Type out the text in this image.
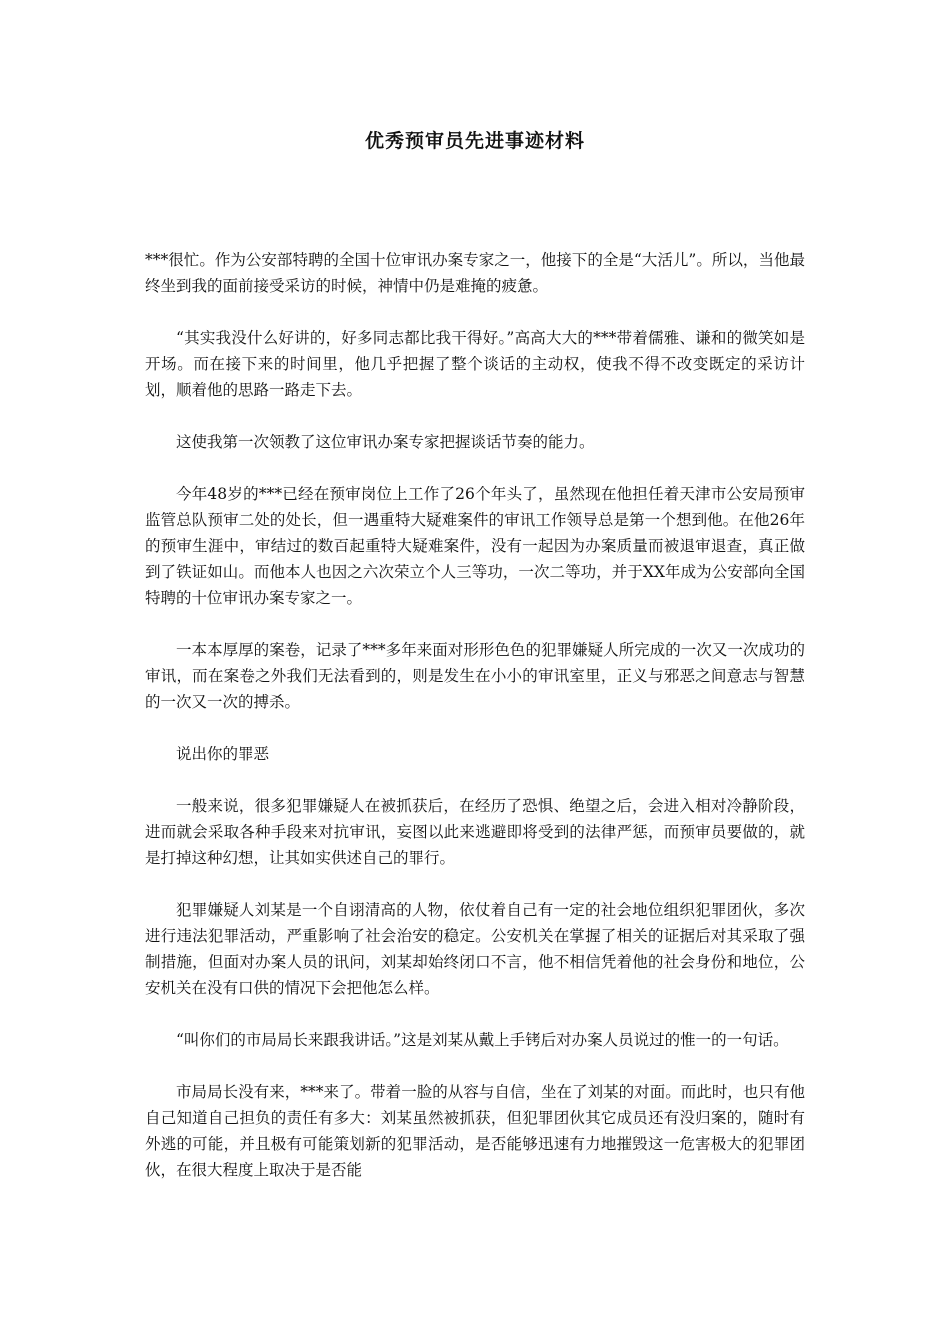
优秀预审员先进事迹材料

***很忙。作为公安部特聘的全国十位审讯办案专家之一，他接下的全是“大活儿”。所以，当他最终坐到我的面前接受采访的时候，神情中仍是难掩的疲惫。

“其实我没什么好讲的，好多同志都比我干得好。”高高大大的***带着儒雅、谦和的微笑如是开场。而在接下来的时间里，他几乎把握了整个谈话的主动权，使我不得不改变既定的采访计划，顺着他的思路一路走下去。

这使我第一次领教了这位审讯办案专家把握谈话节奏的能力。

今年48岁的***已经在预审岗位上工作了26个年头了，虽然现在他担任着天津市公安局预审监管总队预审二处的处长，但一遇重特大疑难案件的审讯工作领导总是第一个想到他。在他26年的预审生涯中，审结过的数百起重特大疑难案件，没有一起因为办案质量而被退审退查，真正做到了铁证如山。而他本人也因之六次荣立个人三等功，一次二等功，并于XX年成为公安部向全国特聘的十位审讯办案专家之一。

一本本厚厚的案卷，记录了***多年来面对形形色色的犯罪嫌疑人所完成的一次又一次成功的审讯，而在案卷之外我们无法看到的，则是发生在小小的审讯室里，正义与邪恶之间意志与智慧的一次又一次的搏杀。

说出你的罪恶

一般来说，很多犯罪嫌疑人在被抓获后，在经历了恐惧、绝望之后，会进入相对冷静阶段，进而就会采取各种手段来对抗审讯，妄图以此来逃避即将受到的法律严惩，而预审员要做的，就是打掉这种幻想，让其如实供述自己的罪行。

犯罪嫌疑人刘某是一个自诩清高的人物，依仗着自己有一定的社会地位组织犯罪团伙，多次进行违法犯罪活动，严重影响了社会治安的稳定。公安机关在掌握了相关的证据后对其采取了强制措施，但面对办案人员的讯问，刘某却始终闭口不言，他不相信凭着他的社会身份和地位，公安机关在没有口供的情况下会把他怎么样。

“叫你们的市局局长来跟我讲话。”这是刘某从戴上手铐后对办案人员说过的惟一的一句话。

市局局长没有来，***来了。带着一脸的从容与自信，坐在了刘某的对面。而此时，也只有他自己知道自己担负的责任有多大：刘某虽然被抓获，但犯罪团伙其它成员还有没归案的，随时有外逃的可能，并且极有可能策划新的犯罪活动，是否能够迅速有力地摧毁这一危害极大的犯罪团伙，在很大程度上取决于是否能
